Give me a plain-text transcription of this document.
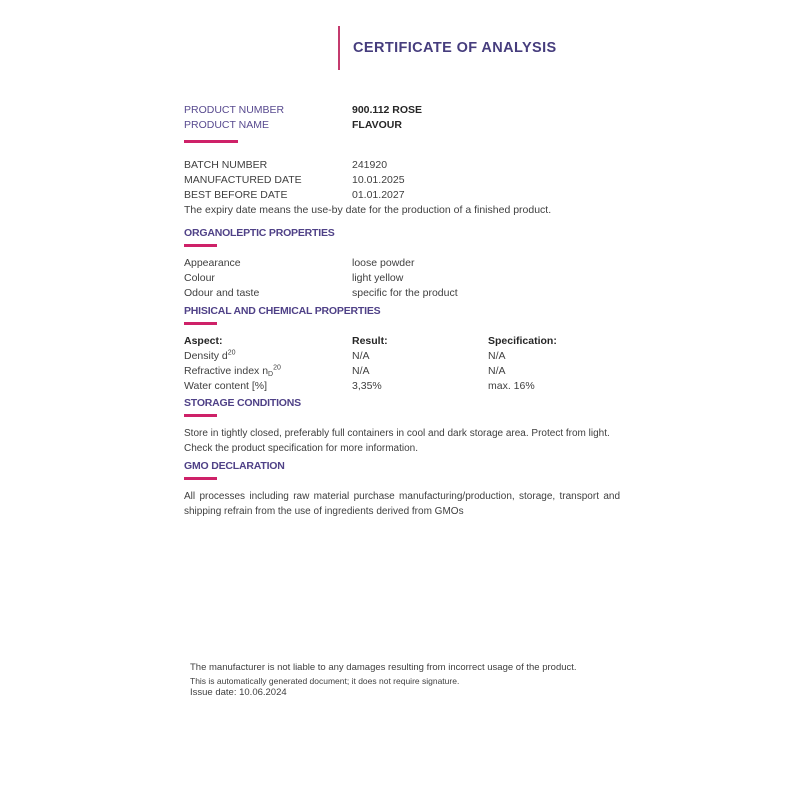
CERTIFICATE OF ANALYSIS
PRODUCT NUMBER	900.112 ROSE
PRODUCT NAME	FLAVOUR
BATCH NUMBER	241920
MANUFACTURED DATE	10.01.2025
BEST BEFORE DATE	01.01.2027

The expiry date means the use-by date for the production of a finished product.

ORGANOLEPTIC PROPERTIES
Appearance	loose powder
Colour	light yellow
Odour and taste	specific for the product
PHISICAL AND CHEMICAL PROPERTIES
Aspect:	Result:	Specification:
Density $d^{20}$	N/A	N/A
Refractive index $n_D^{20}$	N/A	N/A
Water content [%]	3,35%	max. 16%
STORAGE CONDITIONS

Store in tightly closed, preferably full containers in cool and dark storage area. Protect from light. Check the product specification for more information.

GMO DECLARATION

All processes including raw material purchase manufacturing/production, storage, transport and shipping refrain from the use of ingredients derived from GMOs

The manufacturer is not liable to any damages resulting from incorrect usage of the product.

This is automatically generated document; it does not require signature.

Issue date: 10.06.2024
